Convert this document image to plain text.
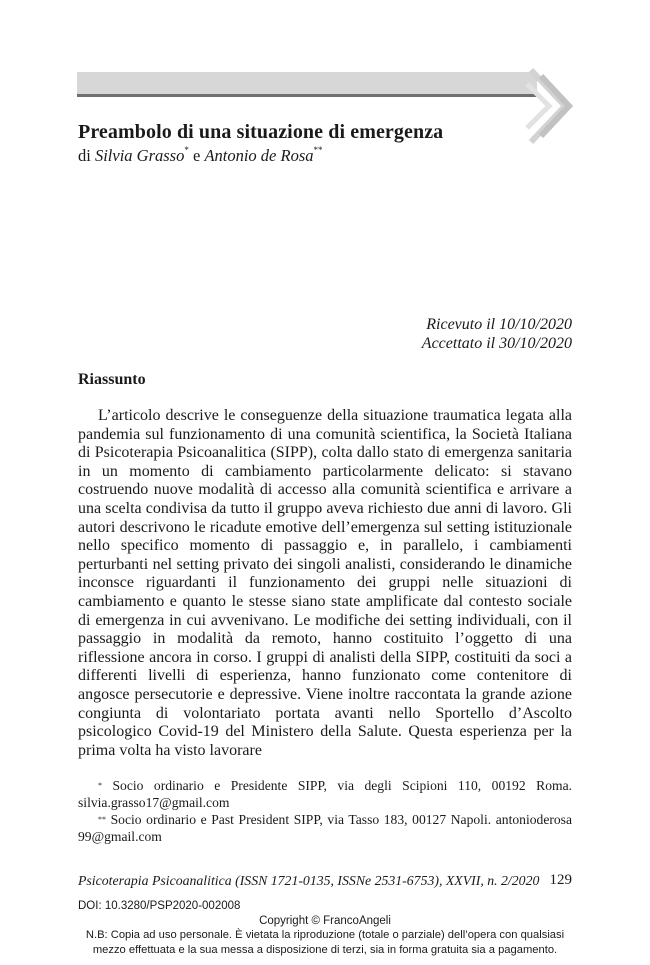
Preambolo di una situazione di emergenza
di Silvia Grasso* e Antonio de Rosa**
Ricevuto il 10/10/2020
Accettato il 30/10/2020
Riassunto

L’articolo descrive le conseguenze della situazione traumatica legata alla pandemia sul funzionamento di una comunità scientifica, la Società Italiana di Psicoterapia Psicoanalitica (SIPP), colta dallo stato di emergenza sanitaria in un momento di cambiamento particolarmente delicato: si stavano costruendo nuove modalità di accesso alla comunità scientifica e arrivare a una scelta condivisa da tutto il gruppo aveva richiesto due anni di lavoro. Gli autori descrivono le ricadute emotive dell’emergenza sul setting istituzionale nello specifico momento di passaggio e, in parallelo, i cambiamenti perturbanti nel setting privato dei singoli analisti, considerando le dinamiche inconsce riguardanti il funzionamento dei gruppi nelle situazioni di cambiamento e quanto le stesse siano state amplificate dal contesto sociale di emergenza in cui avvenivano. Le modifiche dei setting individuali, con il passaggio in modalità da remoto, hanno costituito l’oggetto di una riflessione ancora in corso. I gruppi di analisti della SIPP, costituiti da soci a differenti livelli di esperienza, hanno funzionato come contenitore di angosce persecutorie e depressive. Viene inoltre raccontata la grande azione congiunta di volontariato portata avanti nello Sportello d’Ascolto psicologico Covid-19 del Ministero della Salute. Questa esperienza per la prima volta ha visto lavorare

* Socio ordinario e Presidente SIPP, via degli Scipioni 110, 00192 Roma. silvia.grasso17@gmail.com

** Socio ordinario e Past President SIPP, via Tasso 183, 00127 Napoli. antonioderosa 99@gmail.com

Psicoterapia Psicoanalitica (ISSN 1721-0135, ISSNe 2531-6753), XXVII, n. 2/2020 129
DOI: 10.3280/PSP2020-002008
Copyright © FrancoAngeli
N.B: Copia ad uso personale. È vietata la riproduzione (totale o parziale) dell’opera con qualsiasi
mezzo effettuata e la sua messa a disposizione di terzi, sia in forma gratuita sia a pagamento.
